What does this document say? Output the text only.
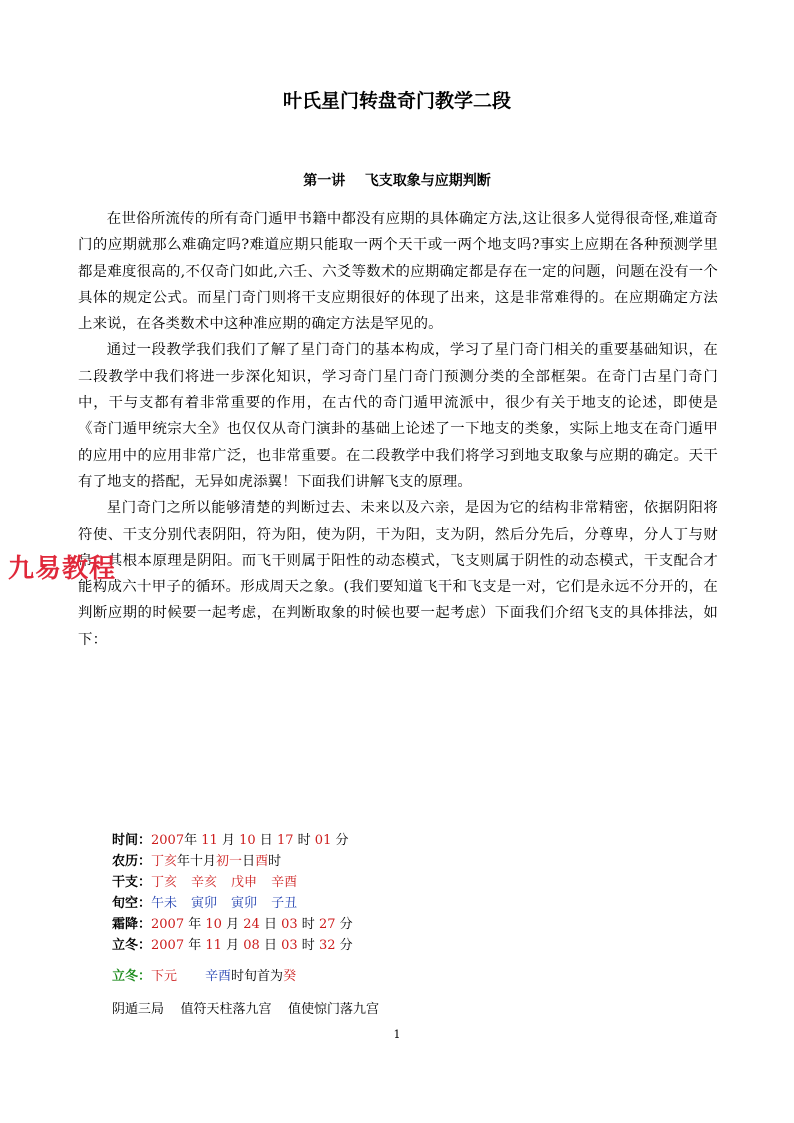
叶氏星门转盘奇门教学二段
第一讲    飞支取象与应期判断

在世俗所流传的所有奇门遁甲书籍中都没有应期的具体确定方法,这让很多人觉得很奇怪,难道奇门的应期就那么难确定吗?难道应期只能取一两个天干或一两个地支吗?事实上应期在各种预测学里都是难度很高的,不仅奇门如此,六壬、六爻等数术的应期确定都是存在一定的问题，问题在没有一个具体的规定公式。而星门奇门则将干支应期很好的体现了出来，这是非常难得的。在应期确定方法上来说，在各类数术中这种准应期的确定方法是罕见的。

通过一段教学我们我们了解了星门奇门的基本构成，学习了星门奇门相关的重要基础知识，在二段教学中我们将进一步深化知识，学习奇门星门奇门预测分类的全部框架。在奇门古星门奇门中，干与支都有着非常重要的作用，在古代的奇门遁甲流派中，很少有关于地支的论述，即使是《奇门遁甲统宗大全》也仅仅从奇门演卦的基础上论述了一下地支的类象，实际上地支在奇门遁甲的应用中的应用非常广泛，也非常重要。在二段教学中我们将学习到地支取象与应期的确定。天干有了地支的搭配，无异如虎添翼！下面我们讲解飞支的原理。

星门奇门之所以能够清楚的判断过去、未来以及六亲，是因为它的结构非常精密，依据阴阳将符使、干支分别代表阴阳，符为阳，使为阴，干为阳，支为阴，然后分先后，分尊卑，分人丁与财帛，其根本原理是阴阳。而飞干则属于阳性的动态模式，飞支则属于阴性的动态模式，干支配合才能构成六十甲子的循环。形成周天之象。(我们要知道飞干和飞支是一对，它们是永远不分开的，在判断应期的时候要一起考虑，在判断取象的时候也要一起考虑）下面我们介绍飞支的具体排法，如下：

九易教程
时间：2007年 11 月 10 日 17 时 01 分
农历：丁亥年十月初一日酉时
干支：丁亥 辛亥 戊申 辛酉
旬空：午未 寅卯 寅卯 子丑
霜降：2007 年 10 月 24 日 03 时 27 分
立冬：2007 年 11 月 08 日 03 时 32 分
立冬：下元 辛酉时旬首为癸
阴遁三局    值符天柱落九宫    值使惊门落九宫
1
